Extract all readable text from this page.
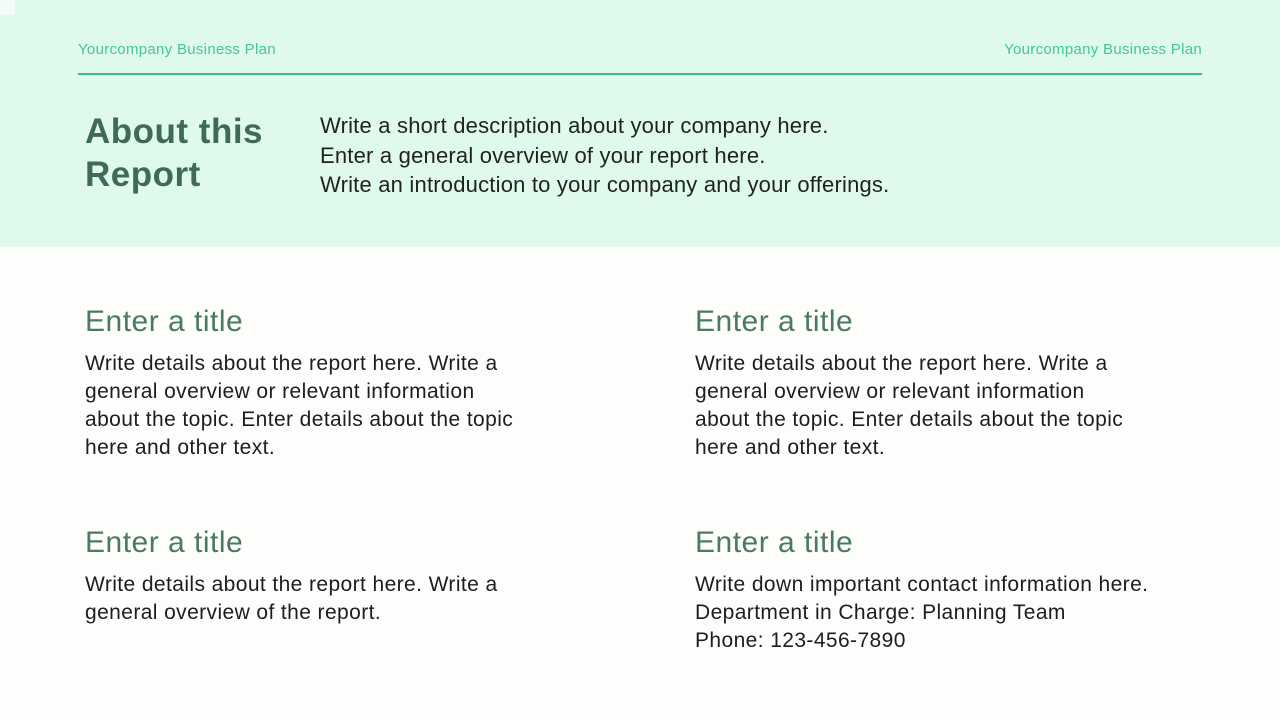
Yourcompany Business Plan	Yourcompany Business Plan
About this Report
Write a short description about your company here.
Enter a general overview of your report here.
Write an introduction to your company and your offerings.
Enter a title
Write details about the report here. Write a
general overview or relevant information
about the topic. Enter details about the topic
here and other text.
Enter a title
Write details about the report here. Write a
general overview or relevant information
about the topic. Enter details about the topic
here and other text.
Enter a title
Write details about the report here. Write a
general overview of the report.
Enter a title
Write down important contact information here.
Department in Charge: Planning Team
Phone: 123-456-7890
